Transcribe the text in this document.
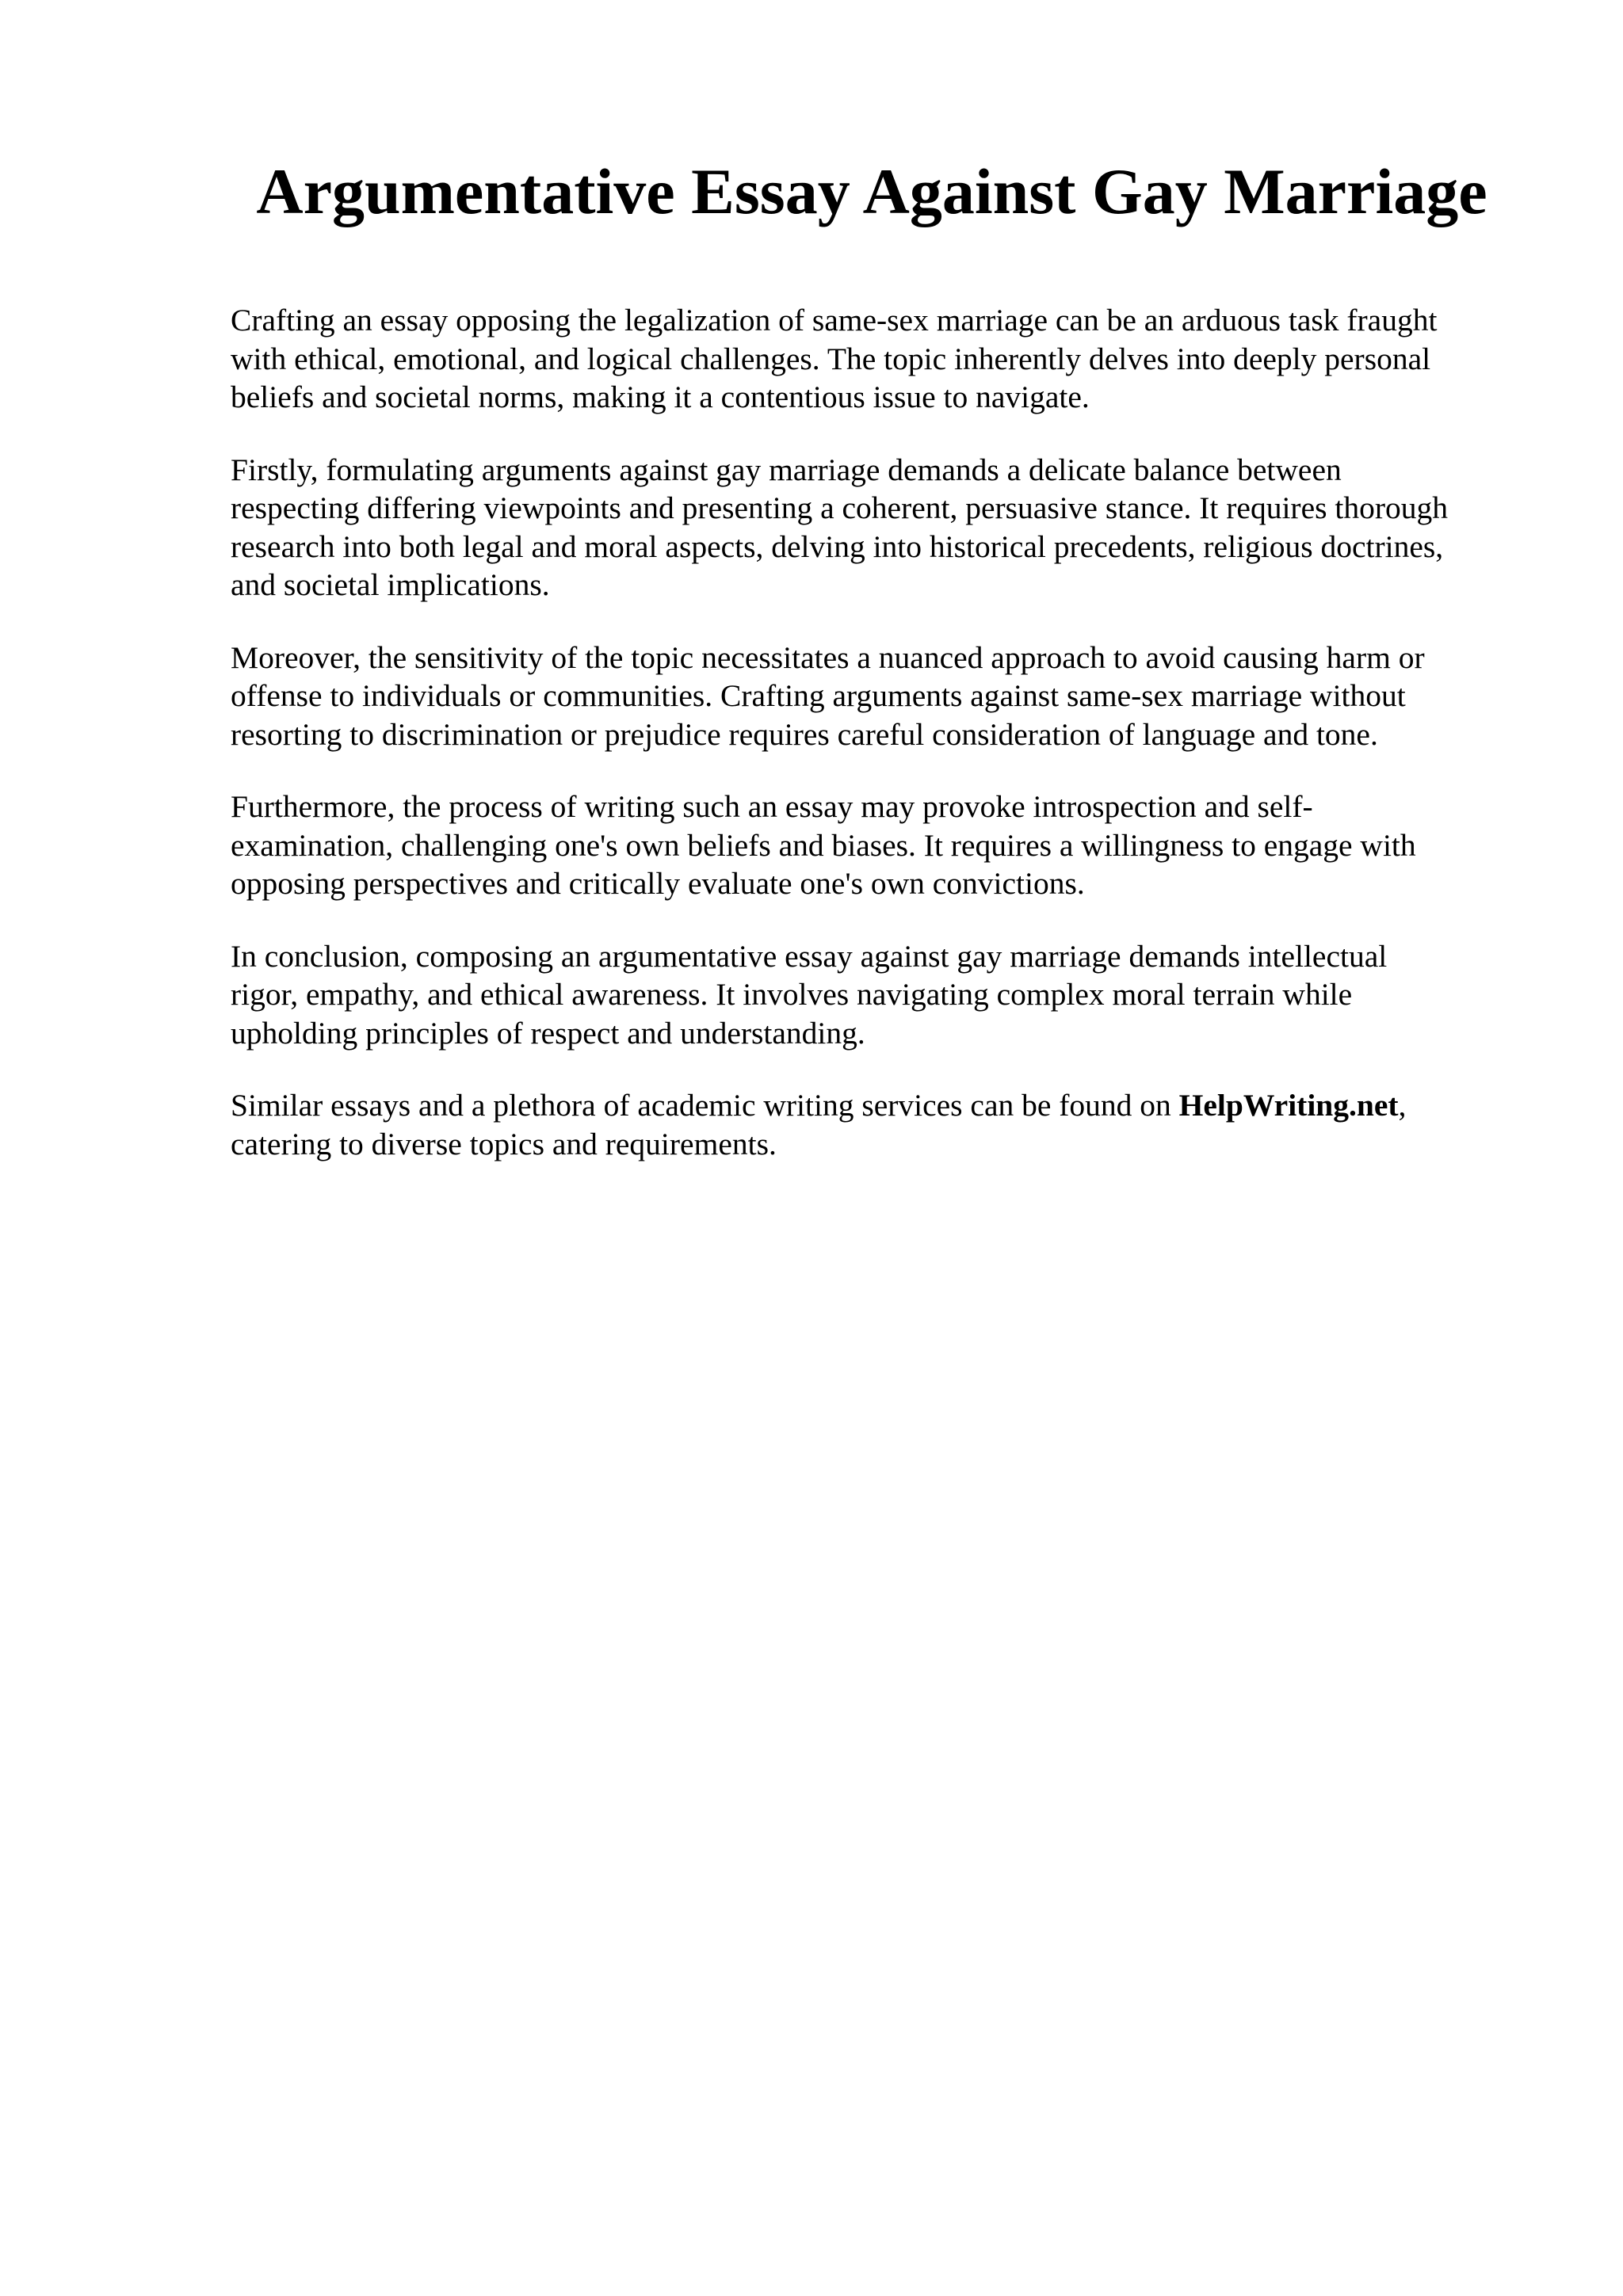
Argumentative Essay Against Gay Marriage

Crafting an essay opposing the legalization of same-sex marriage can be an arduous task fraught
with ethical, emotional, and logical challenges. The topic inherently delves into deeply personal
beliefs and societal norms, making it a contentious issue to navigate.

Firstly, formulating arguments against gay marriage demands a delicate balance between
respecting differing viewpoints and presenting a coherent, persuasive stance. It requires thorough
research into both legal and moral aspects, delving into historical precedents, religious doctrines,
and societal implications.

Moreover, the sensitivity of the topic necessitates a nuanced approach to avoid causing harm or
offense to individuals or communities. Crafting arguments against same-sex marriage without
resorting to discrimination or prejudice requires careful consideration of language and tone.

Furthermore, the process of writing such an essay may provoke introspection and self-
examination, challenging one's own beliefs and biases. It requires a willingness to engage with
opposing perspectives and critically evaluate one's own convictions.

In conclusion, composing an argumentative essay against gay marriage demands intellectual
rigor, empathy, and ethical awareness. It involves navigating complex moral terrain while
upholding principles of respect and understanding.

Similar essays and a plethora of academic writing services can be found on HelpWriting.net,
catering to diverse topics and requirements.
